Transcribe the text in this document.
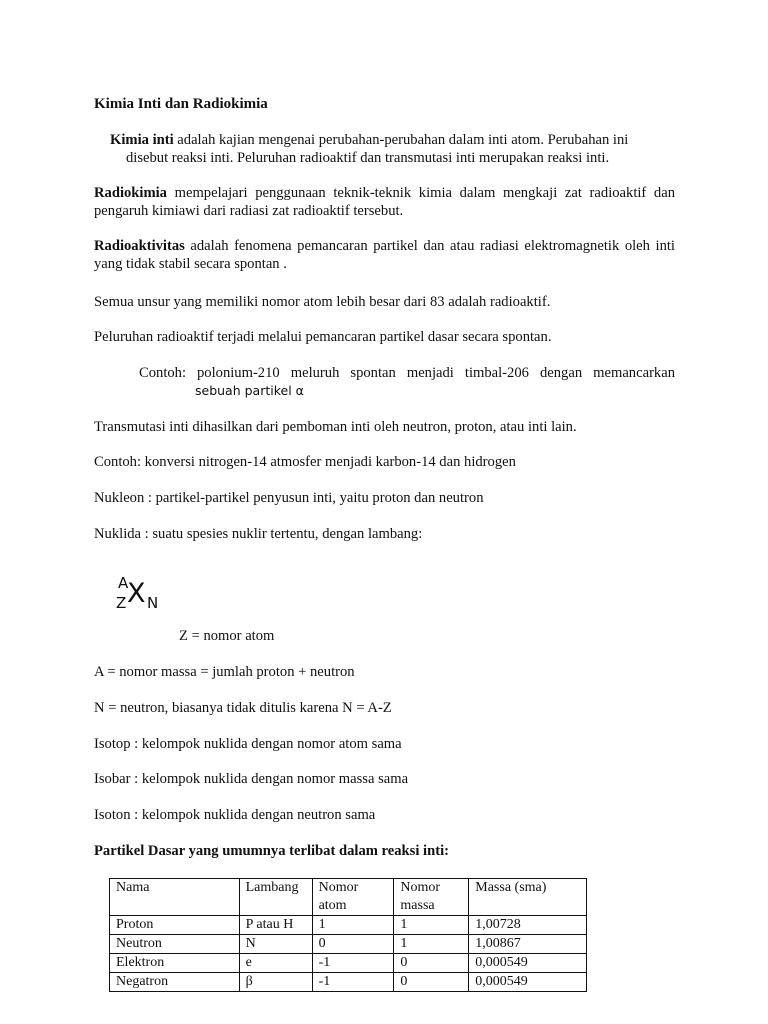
Kimia Inti dan Radiokimia
Kimia inti adalah kajian mengenai perubahan-perubahan dalam inti atom. Perubahan ini
disebut reaksi inti. Peluruhan radioaktif dan transmutasi inti merupakan reaksi inti.
Radiokimia mempelajari penggunaan teknik-teknik kimia dalam mengkaji zat radioaktif dan pengaruh kimiawi dari radiasi zat radioaktif tersebut.
Radioaktivitas adalah fenomena pemancaran partikel dan atau radiasi elektromagnetik oleh inti yang tidak stabil secara spontan .
Semua unsur yang memiliki nomor atom lebih besar dari 83 adalah radioaktif.
Peluruhan radioaktif terjadi melalui pemancaran partikel dasar secara spontan.
Contoh: polonium-210 meluruh spontan menjadi timbal-206 dengan memancarkan
sebuah partikel α
Transmutasi inti dihasilkan dari pemboman inti oleh neutron, proton, atau inti lain.
Contoh: konversi nitrogen-14 atmosfer menjadi karbon-14 dan hidrogen
Nukleon : partikel-partikel penyusun inti, yaitu proton dan neutron
Nuklida : suatu spesies nuklir tertentu, dengan lambang:
A
Z X N
Z = nomor atom
A = nomor massa = jumlah proton + neutron
N = neutron, biasanya tidak ditulis karena N = A-Z
Isotop : kelompok nuklida dengan nomor atom sama
Isobar : kelompok nuklida dengan nomor massa sama
Isoton : kelompok nuklida dengan neutron sama
Partikel Dasar yang umumnya terlibat dalam reaksi inti:
Nama	Lambang	Nomor atom	Nomor massa	Massa (sma)
Proton	P atau H	1	1	1,00728
Neutron	N	0	1	1,00867
Elektron	e	-1	0	0,000549
Negatron	β	-1	0	0,000549
